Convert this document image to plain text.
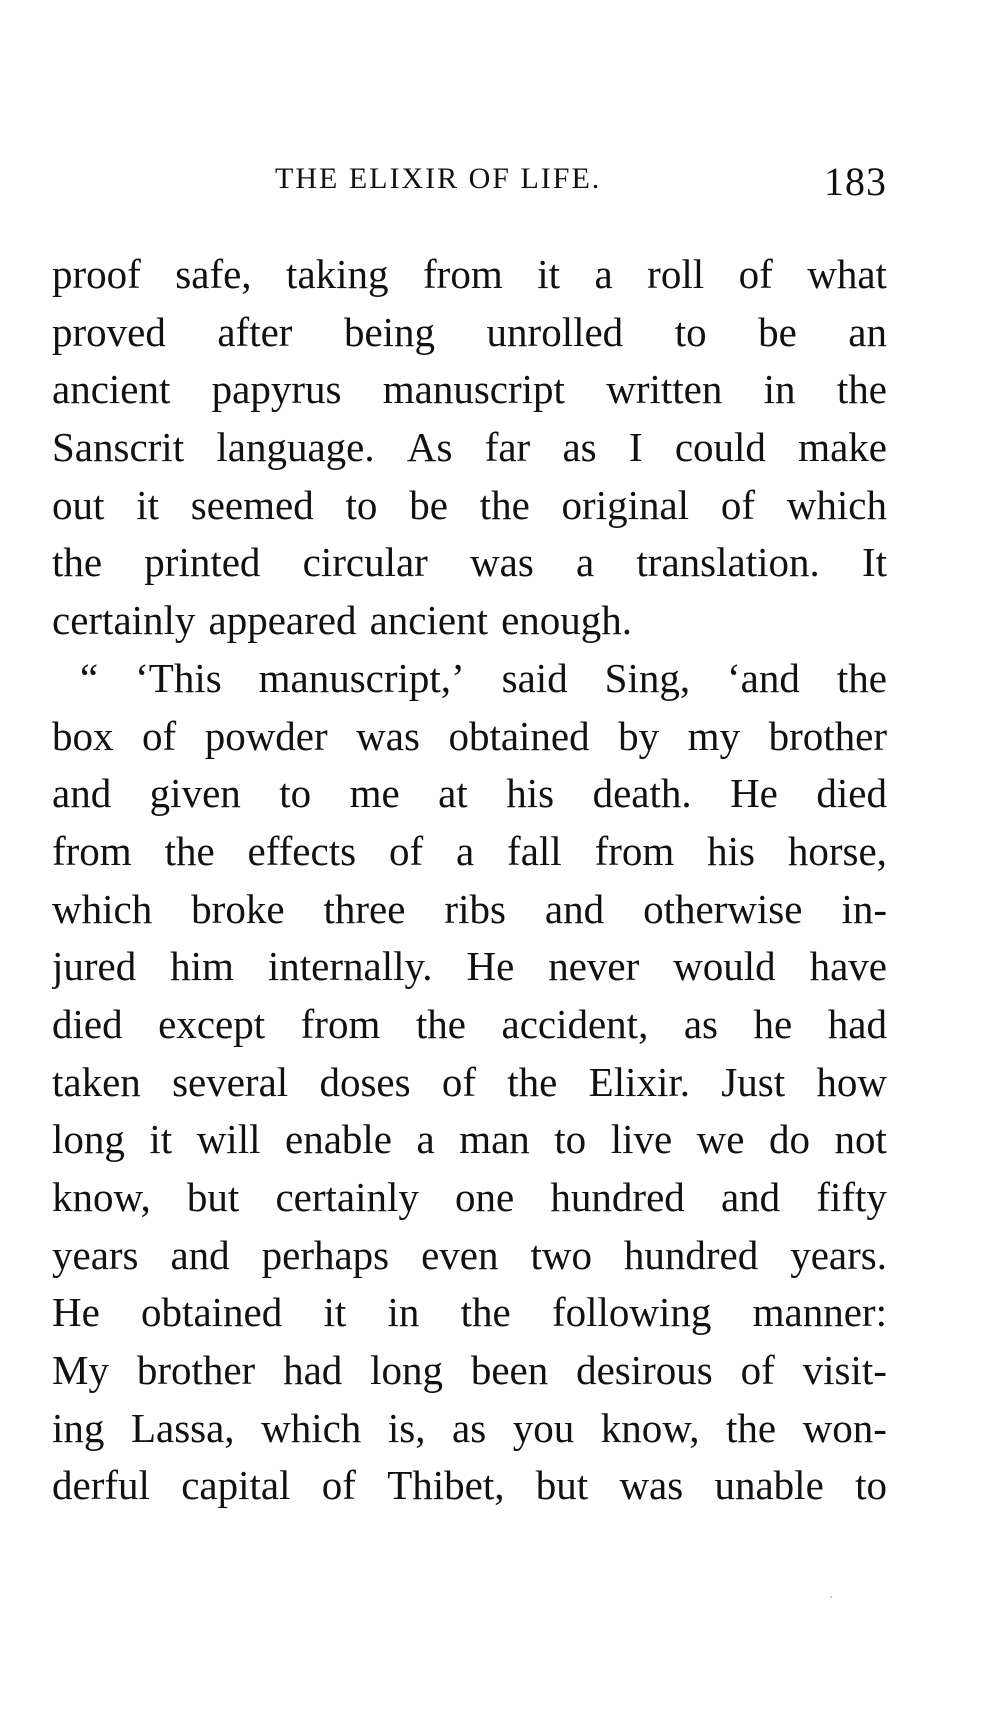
THE ELIXIR OF LIFE.	183
proof safe, taking from it a roll of what
proved after being unrolled to be an
ancient papyrus manuscript written in the
Sanscrit language. As far as I could make
out it seemed to be the original of which
the printed circular was a translation. It
certainly appeared ancient enough.
“ ‘This manuscript,’ said Sing, ‘and the
box of powder was obtained by my brother
and given to me at his death. He died
from the effects of a fall from his horse,
which broke three ribs and otherwise in-
jured him internally. He never would have
died except from the accident, as he had
taken several doses of the Elixir. Just how
long it will enable a man to live we do not
know, but certainly one hundred and fifty
years and perhaps even two hundred years.
He obtained it in the following manner:
My brother had long been desirous of visit-
ing Lassa, which is, as you know, the won-
derful capital of Thibet, but was unable to
